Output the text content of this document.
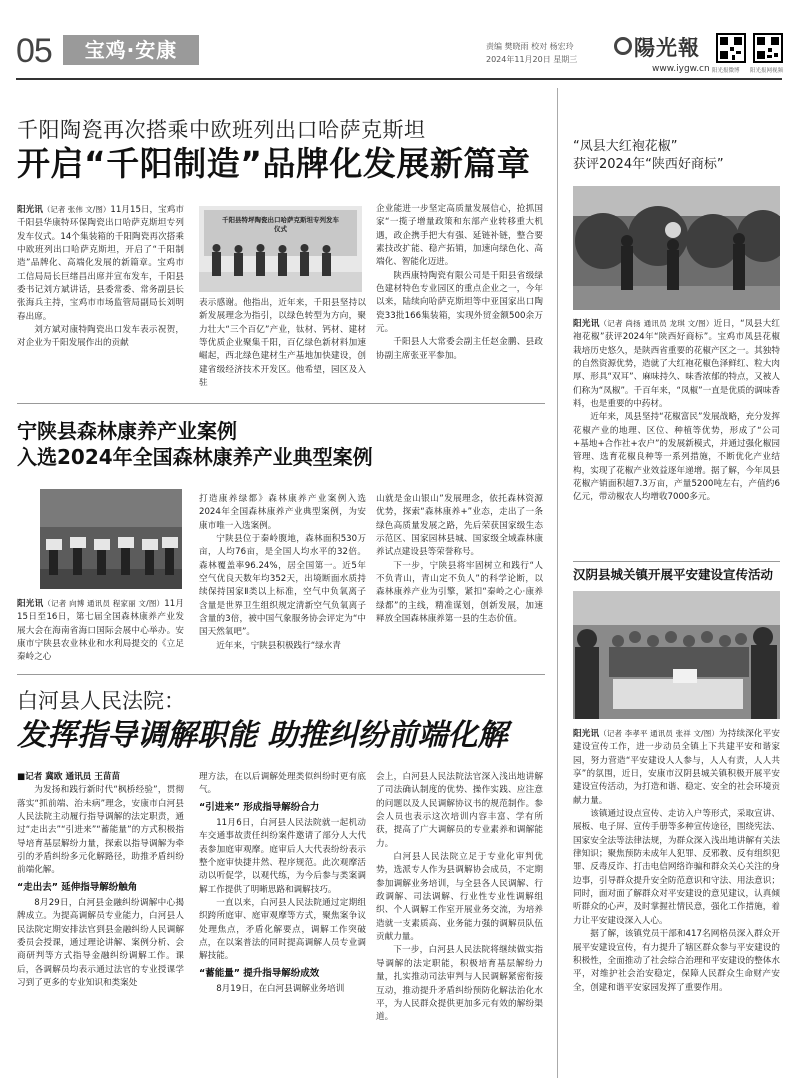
05	宝鸡·安康	责编 樊晓雨 校对 杨宏玲
2024年11月20日 星期三	陽光報
www.iygw.cn 阳光报微博 阳光报网视频
千阳陶瓷再次搭乘中欧班列出口哈萨克斯坦
开启“千阳制造”品牌化发展新篇章

阳光讯（记者 张伟 文/图）11月15日，宝鸡市千阳县华康特环保陶瓷出口哈萨克斯坦专列发车仪式。14个集装箱的千阳陶瓷再次搭乘中欧班列出口哈萨克斯坦，开启了“千阳制造”品牌化、高端化发展的新篇章。宝鸡市工信局局长巨绪昌出席并宣布发车，千阳县委书记刘方斌讲话，县委常委、常务副县长张海兵主持，宝鸡市市场监管局副局长刘明春出席。

刘方斌对康特陶瓷出口发车表示祝贺，对企业为千阳发展作出的贡献

千阳县特坪陶瓷出口哈萨克斯坦专列发车仪式

表示感谢。他指出，近年来，千阳县坚持以新发展理念为指引，以绿色转型为方向，聚力壮大“三个百亿”产业，钛材、钙材、建材等优质企业聚集千阳，百亿绿色新材料加速崛起，西北绿色建材生产基地加快建设，创建省级经济技术开发区。他希望，园区及入驻

企业能进一步坚定高质量发展信心，抢抓国家“一揽子增量政策和东部产业转移重大机遇，政企携手把大有强、延链补链，整合要素技改扩能、稳产拓销，加速向绿色化、高端化、智能化迈进。

陕西康特陶瓷有限公司是千阳县省级绿色建材特色专业园区的重点企业之一，今年以来，陆续向哈萨克斯坦等中亚国家出口陶瓷33批166集装箱，实现外贸金额500余万元。

千阳县人大常委会副主任赵金鹏、县政协副主席张亚平参加。

宁陕县森林康养产业案例
入选2024年全国森林康养产业典型案例

阳光讯（记者 向博 通讯员 程家丽 文/图）11月15日至16日，第七届全国森林康养产业发展大会在海南省海口国际会展中心举办。安康市宁陕县农业林业和水利局提交的《立足秦岭之心

打造康养绿都》森林康养产业案例入选2024年全国森林康养产业典型案例，为安康市唯一入选案例。

宁陕县位于秦岭腹地，森林面积530万亩，人均76亩，是全国人均水平的32倍。森林覆盖率96.24%，居全国第一。近5年空气优良天数年均352天，出境断面水质持续保持国家Ⅱ类以上标准，空气中负氧离子含量是世界卫生组织规定清新空气负氧离子含量的3倍，被中国气象服务协会评定为“中国天然氧吧”。

近年来，宁陕县积极践行“绿水青

山就是金山银山”发展理念，依托森林资源优势，探索“森林康养+”业态，走出了一条绿色高质量发展之路，先后荣获国家级生态示范区、国家园林县城、国家级全域森林康养试点建设县等荣誉称号。

下一步，宁陕县将牢固树立和践行“人不负青山，青山定不负人”的科学论断，以森林康养产业为引擎，紧扣“秦岭之心·康养绿都”的主线，精准谋划，创新发展，加速释放全国森林康养第一县的生态价值。

白河县人民法院：
发挥指导调解职能 助推纠纷前端化解

■记者 冀欧 通讯员 王苗苗

为发扬和践行新时代“枫桥经验”，贯彻落实“抓前端、治未病”理念，安康市白河县人民法院主动履行指导调解的法定职责，通过“走出去”“引进来”“蓄能量”的方式积极指导培育基层解纷力量，探索以指导调解为牵引的矛盾纠纷多元化解路径，助推矛盾纠纷前端化解。

“走出去” 延伸指导解纷触角

8月29日，白河县金融纠纷调解中心揭牌成立。为提高调解员专业能力，白河县人民法院定期安排法官到县金融纠纷人民调解委员会授课，通过理论讲解、案例分析、会商研判等方式指导金融纠纷调解工作。课后，各调解员均表示通过法官的专业授课学习到了更多的专业知识和类案处

理方法，在以后调解处理类似纠纷时更有底气。

“引进来” 形成指导解纷合力

11月6日，白河县人民法院就一起机动车交通事故责任纠纷案件邀请了部分人大代表参加庭审观摩。庭审后人大代表纷纷表示整个庭审快捷井然、程序规范。此次观摩活动以听促学，以观代练，为今后参与类案调解工作提供了明晰思路和调解技巧。

一直以来，白河县人民法院通过定期组织跨所庭审、庭审观摩等方式，聚焦案争议处理焦点，矛盾化解要点，调解工作突破点，在以案普法的同时提高调解人员专业调解技能。

“蓄能量” 提升指导解纷成效

8月19日，在白河县调解业务培训

会上，白河县人民法院法官深入浅出地讲解了司法确认制度的优势、操作实践、应注意的问题以及人民调解协议书的规范制作。参会人员也表示这次培训内容丰富、学有所获，提高了广大调解员的专业素养和调解能力。

白河县人民法院立足于专业化审判优势，选派专人作为县调解协会成员，不定期参加调解业务培训，与全县各人民调解、行政调解、司法调解、行业性专业性调解组织、个人调解工作室开展业务交流，为培养造就一支素质高、业务能力强的调解员队伍贡献力量。

下一步，白河县人民法院将继续做实指导调解的法定职能，积极培育基层解纷力量，扎实推动司法审判与人民调解紧密衔接互动，推动提升矛盾纠纷预防化解法治化水平，为人民群众提供更加多元有效的解纷渠道。

“凤县大红袍花椒”
获评2024年“陕西好商标”

阳光讯（记者 尚扬 通讯员 龙琪 文/图）近日，“凤县大红袍花椒”获评2024年“陕西好商标”。宝鸡市凤县花椒栽培历史悠久，是陕西省重要的花椒产区之一。其独特的自然资源优势，造就了大红袍花椒色泽鲜红、粒大肉厚、形具“双耳”、麻味持久、味香浓郁的特点，又被人们称为“凤椒”。千百年来，“凤椒”一直是优质的调味香料，也是重要的中药材。

近年来，凤县坚持“花椒富民”发展战略，充分发挥花椒产业的地理、区位、种植等优势，形成了“公司+基地+合作社+农户”的发展新模式，并通过强化椒园管理、选育花椒良种等一系列措施，不断优化产业结构，实现了花椒产业效益逐年递增。据了解，今年凤县花椒产销面积超7.3万亩，产量5200吨左右，产值约6亿元，带动椒农人均增收7000多元。

汉阴县城关镇开展平安建设宣传活动

阳光讯（记者 李孝平 通讯员 张祥 文/图）为持续深化平安建设宣传工作，进一步动员全镇上下共建平安和谐家园，努力营造“平安建设人人参与，人人有责，人人共享”的氛围，近日，安康市汉阴县城关镇积极开展平安建设宣传活动，为打造和谐、稳定、安全的社会环境贡献力量。

该镇通过设点宣传、走访入户等形式，采取宣讲、展板、电子屏、宣传手册等多种宣传途径，围绕宪法、国家安全法等法律法规，为群众深入浅出地讲解有关法律知识；聚焦预防未成年人犯罪、反邪教、反有组织犯罪、反毒反诈、打击电信网络诈骗和群众关心关注的身边事，引导群众提升安全防范意识和守法、用法意识；同时，面对面了解群众对平安建设的意见建议，认真倾听群众的心声，及时掌握社情民意，强化工作措施，着力让平安建设深入人心。

据了解，该镇党员干部和417名网格员深入群众开展平安建设宣传，有力提升了辖区群众参与平安建设的积极性，全面推动了社会综合治理和平安建设的整体水平，对维护社会治安稳定，保障人民群众生命财产安全，创建和谐平安家园发挥了重要作用。
